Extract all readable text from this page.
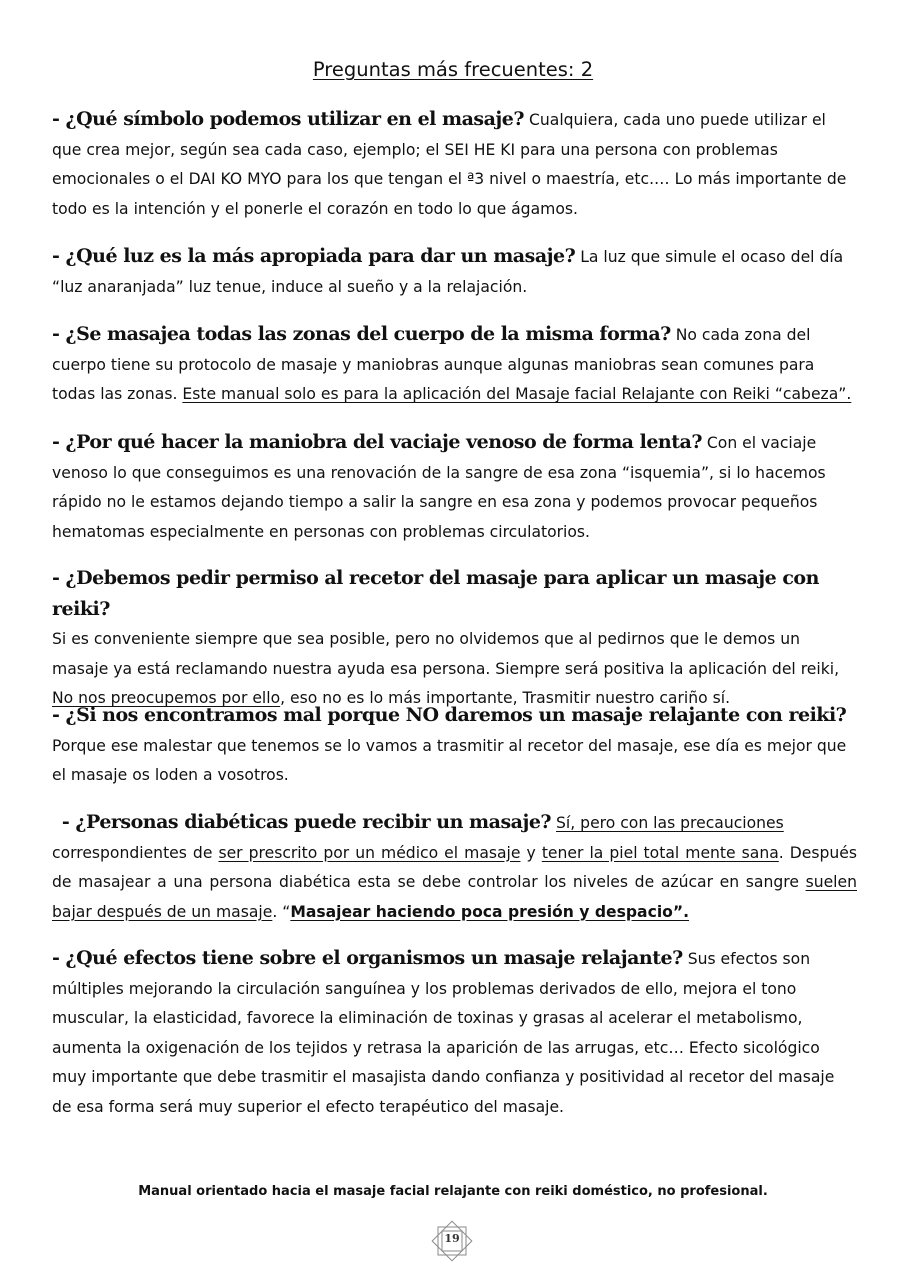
Preguntas más frecuentes: 2
- ¿Qué símbolo podemos utilizar en el masaje? Cualquiera, cada uno puede utilizar el que crea mejor, según sea cada caso, ejemplo; el SEI HE KI para una persona con problemas emocionales o el DAI KO MYO para los que tengan el ª3 nivel o maestría, etc.… Lo más importante de todo es la intención y el ponerle el corazón en todo lo que ágamos.
- ¿Qué luz es la más apropiada para dar un masaje? La luz que simule el ocaso del día “luz anaranjada” luz tenue, induce al sueño y a la relajación.
- ¿Se masajea todas las zonas del cuerpo de la misma forma? No cada zona del cuerpo tiene su protocolo de masaje y maniobras aunque algunas maniobras sean comunes para todas las zonas. Este manual solo es para la aplicación del Masaje facial Relajante con Reiki “cabeza”.
- ¿Por qué hacer la maniobra del vaciaje venoso de forma lenta? Con el vaciaje venoso lo que conseguimos es una renovación de la sangre de esa zona “isquemia”, si lo hacemos rápido no le estamos dejando tiempo a salir la sangre en esa zona y podemos provocar pequeños hematomas especialmente en personas con problemas circulatorios.
- ¿Debemos pedir permiso al recetor del masaje para aplicar un masaje con reiki?
Si es conveniente siempre que sea posible, pero no olvidemos que al pedirnos que le demos un masaje ya está reclamando nuestra ayuda esa persona. Siempre será positiva la aplicación del reiki, No nos preocupemos por ello, eso no es lo más importante, Trasmitir nuestro cariño sí.
- ¿Si nos encontramos mal porque NO daremos un masaje relajante con reiki?
Porque ese malestar que tenemos se lo vamos a trasmitir al recetor del masaje, ese día es mejor que el masaje os loden a vosotros.
- ¿Personas diabéticas puede recibir un masaje? Sí, pero con las precauciones
correspondientes de ser prescrito por un médico el masaje y tener la piel total mente sana. Después de masajear a una persona diabética esta se debe controlar los niveles de azúcar en sangre suelen bajar después de un masaje. “Masajear haciendo poca presión y despacio”.
- ¿Qué efectos tiene sobre el organismos un masaje relajante? Sus efectos son múltiples mejorando la circulación sanguínea y los problemas derivados de ello, mejora el tono muscular, la elasticidad, favorece la eliminación de toxinas y grasas al acelerar el metabolismo, aumenta la oxigenación de los tejidos y retrasa la aparición de las arrugas, etc… Efecto sicológico muy importante que debe trasmitir el masajista dando confianza y positividad al recetor del masaje de esa forma será muy superior el efecto terapéutico del masaje.
Manual orientado hacia el masaje facial relajante con reiki doméstico, no profesional.
19
